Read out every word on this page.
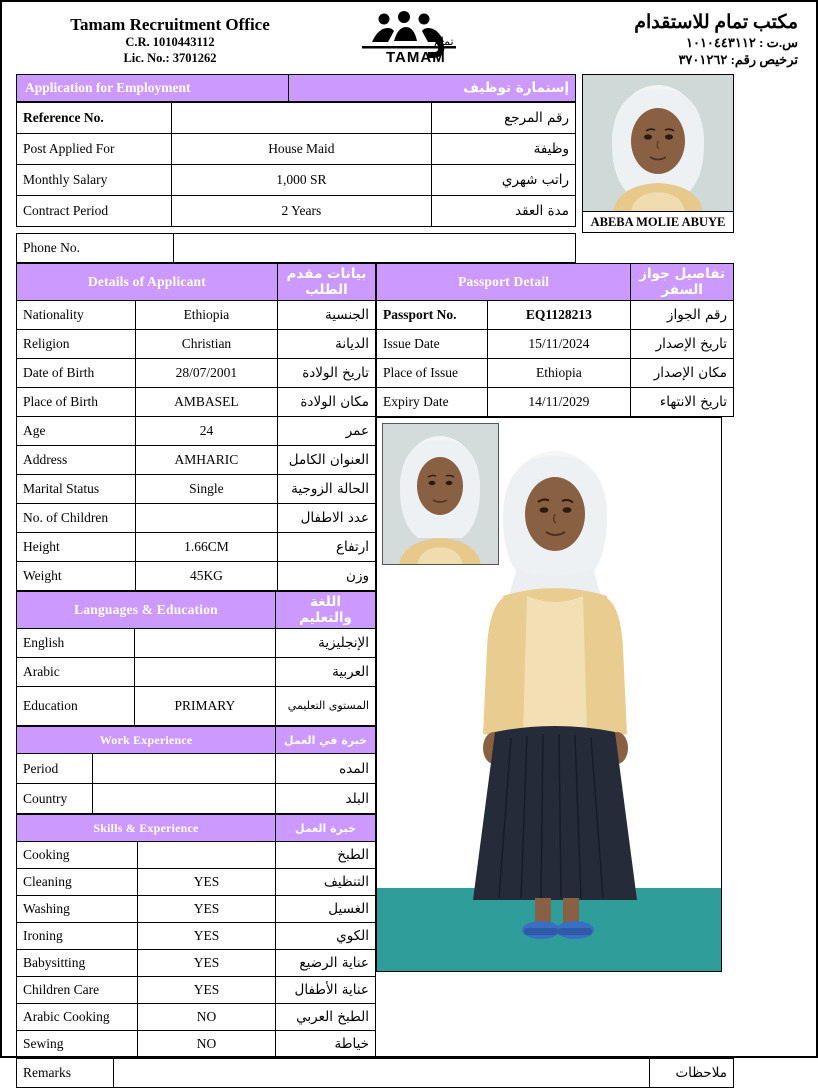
Tamam Recruitment Office
C.R. 1010443112
Lic. No.: 3701262	TAMAM
تمام
مكتب تمام للاستقدام
س.ت : ١٠١٠٤٤٣١١٢
ترخيص رقم: ٣٧٠١٢٦٢
Application for Employment	إستمارة توظيف
Reference No.		رقم المرجع
Post Applied For	House Maid	وظيفة
Monthly Salary	1,000 SR	راتب شهري
Contract Period	2 Years	مدة العقد
ABEBA MOLIE ABUYE
Phone No.	
Details of Applicant		بيانات مقدم الطلب
Nationality	Ethiopia	الجنسية
Religion	Christian	الديانة
Date of Birth	28/07/2001	تاريخ الولادة
Place of Birth	AMBASEL	مكان الولادة
Age	24	عمر
Address	AMHARIC	العنوان الكامل
Marital Status	Single	الحالة الزوجية
No. of Children		عدد الاطفال
Height	1.66CM	ارتفاع
Weight	45KG	وزن
Languages & Education		اللغة والتعليم
English		الإنجليزية
Arabic		العربية
Education	PRIMARY	المستوى التعليمي
Work Experience		خبرة في العمل
Period		المده
Country		البلد
Skills & Experience		خبرة العمل
Cooking		الطبخ
Cleaning	YES	التنظيف
Washing	YES	الغسيل
Ironing	YES	الكوي
Babysitting	YES	عناية الرضيع
Children Care	YES	عناية الأطفال
Arabic Cooking	NO	الطبخ العربي
Sewing	NO	خياطة
Passport Detail		تفاصيل جواز السفر
Passport No.	EQ1128213	رقم الجواز
Issue Date	15/11/2024	تاريخ الإصدار
Place of Issue	Ethiopia	مكان الإصدار
Expiry Date	14/11/2029	تاريخ الانتهاء
Remarks		ملاحظات
